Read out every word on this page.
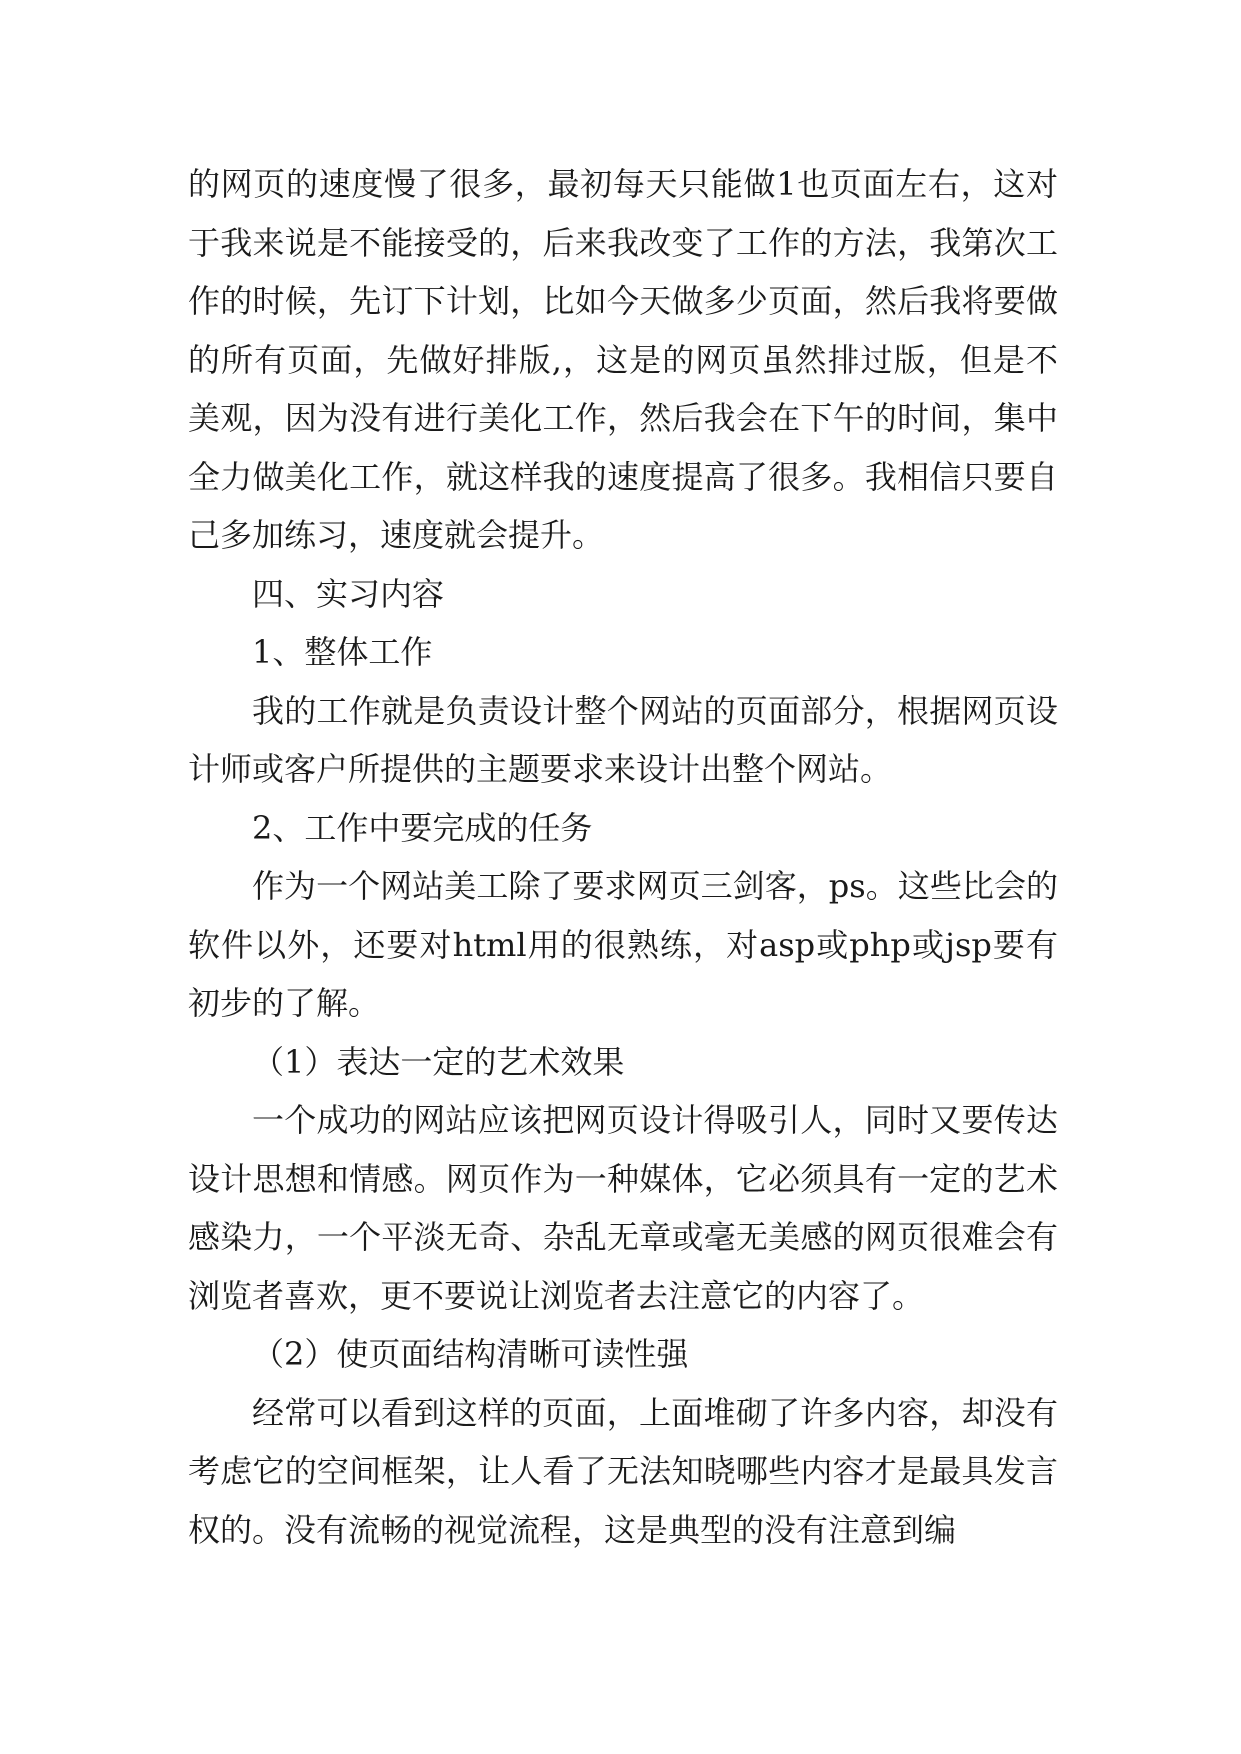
的网页的速度慢了很多，最初每天只能做1也页面左右，这对于我来说是不能接受的，后来我改变了工作的方法，我第次工作的时候，先订下计划，比如今天做多少页面，然后我将要做的所有页面，先做好排版,，这是的网页虽然排过版，但是不美观，因为没有进行美化工作，然后我会在下午的时间，集中全力做美化工作，就这样我的速度提高了很多。我相信只要自己多加练习，速度就会提升。

四、实习内容

1、整体工作

我的工作就是负责设计整个网站的页面部分，根据网页设计师或客户所提供的主题要求来设计出整个网站。

2、工作中要完成的任务

作为一个网站美工除了要求网页三剑客，ps。这些比会的软件以外，还要对html用的很熟练，对asp或php或jsp要有初步的了解。

（1）表达一定的艺术效果

一个成功的网站应该把网页设计得吸引人，同时又要传达设计思想和情感。网页作为一种媒体，它必须具有一定的艺术感染力，一个平淡无奇、杂乱无章或毫无美感的网页很难会有浏览者喜欢，更不要说让浏览者去注意它的内容了。

（2）使页面结构清晰可读性强

经常可以看到这样的页面，上面堆砌了许多内容，却没有考虑它的空间框架，让人看了无法知晓哪些内容才是最具发言权的。没有流畅的视觉流程，这是典型的没有注意到编
